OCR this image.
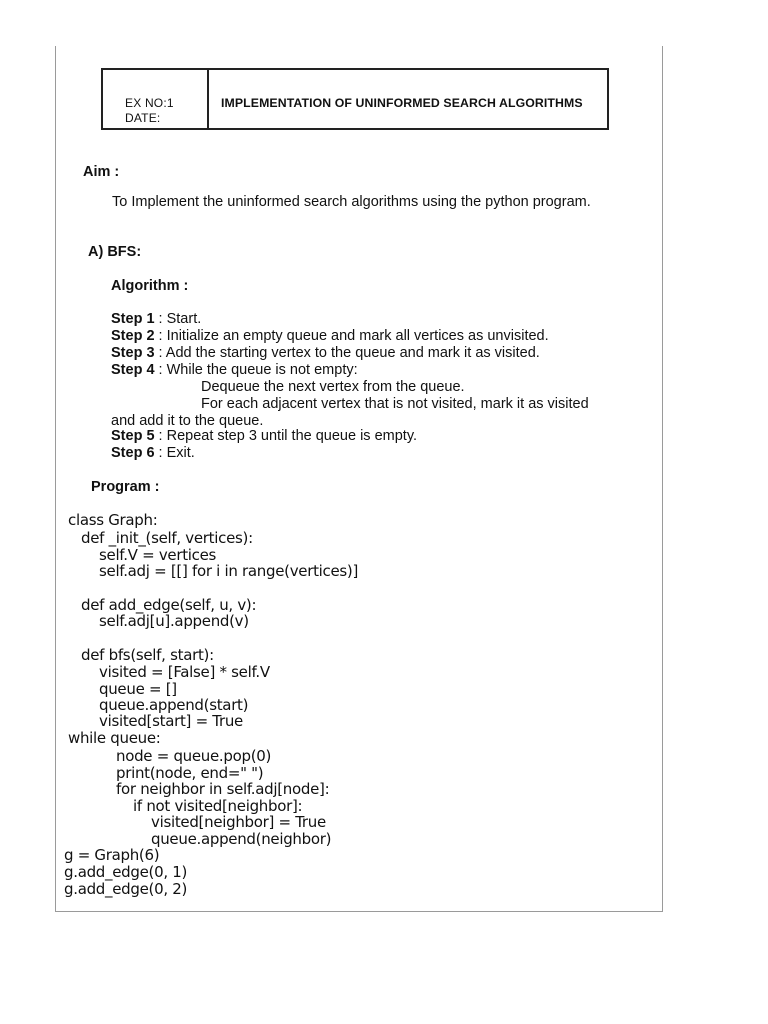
EX NO:1
DATE:
IMPLEMENTATION OF UNINFORMED SEARCH ALGORITHMS
Aim :
To Implement the uninformed search algorithms using the python program.
A) BFS:
Algorithm :
Step 1 : Start.
Step 2 : Initialize an empty queue and mark all vertices as unvisited.
Step 3 : Add the starting vertex to the queue and mark it as visited.
Step 4 : While the queue is not empty:
Dequeue the next vertex from the queue.
For each adjacent vertex that is not visited, mark it as visited
and add it to the queue.
Step 5 : Repeat step 3 until the queue is empty.
Step 6 : Exit.
Program :
class Graph:
def _init_(self, vertices):
self.V = vertices
self.adj = [[] for i in range(vertices)]
def add_edge(self, u, v):
self.adj[u].append(v)
def bfs(self, start):
visited = [False] * self.V
queue = []
queue.append(start)
visited[start] = True
while queue:
node = queue.pop(0)
print(node, end=" ")
for neighbor in self.adj[node]:
if not visited[neighbor]:
visited[neighbor] = True
queue.append(neighbor)
g = Graph(6)
g.add_edge(0, 1)
g.add_edge(0, 2)
